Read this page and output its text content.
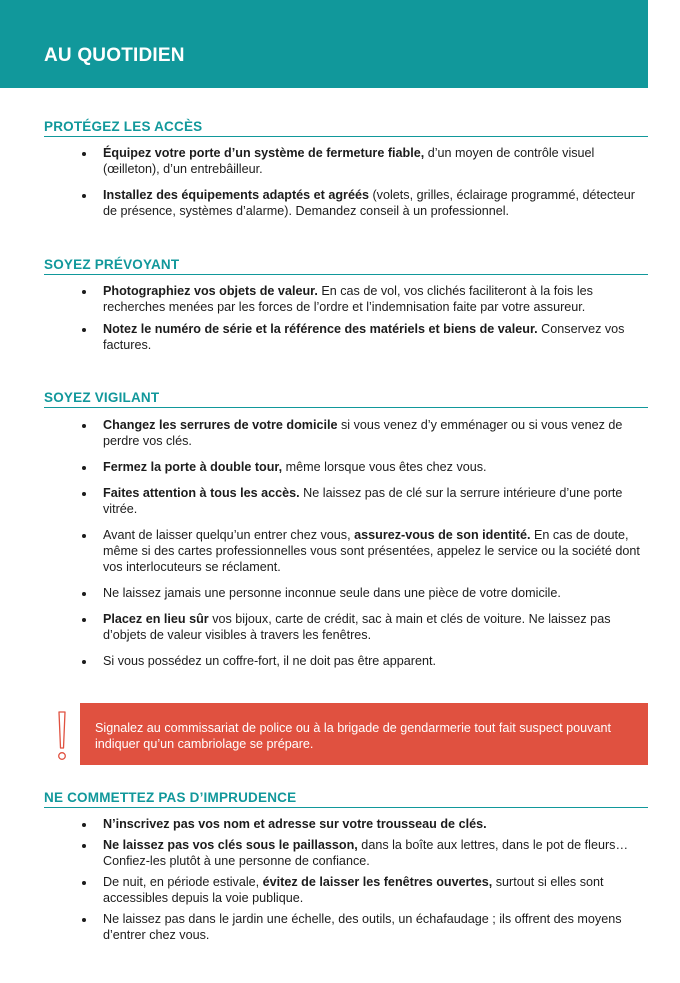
AU QUOTIDIEN
PROTÉGEZ LES ACCÈS
Équipez votre porte d’un système de fermeture fiable, d’un moyen de contrôle visuel (œilleton), d’un entrebâilleur.
Installez des équipements adaptés et agréés (volets, grilles, éclairage programmé, détecteur de présence, systèmes d’alarme). Demandez conseil à un professionnel.
SOYEZ PRÉVOYANT
Photographiez vos objets de valeur. En cas de vol, vos clichés faciliteront à la fois les recherches menées par les forces de l’ordre et l’indemnisation faite par votre assureur.
Notez le numéro de série et la référence des matériels et biens de valeur. Conservez vos factures.
SOYEZ VIGILANT
Changez les serrures de votre domicile si vous venez d’y emménager ou si vous venez de perdre vos clés.
Fermez la porte à double tour, même lorsque vous êtes chez vous.
Faites attention à tous les accès. Ne laissez pas de clé sur la serrure intérieure d’une porte vitrée.
Avant de laisser quelqu’un entrer chez vous, assurez-vous de son identité. En cas de doute, même si des cartes professionnelles vous sont présentées, appelez le service ou la société dont vos interlocuteurs se réclament.
Ne laissez jamais une personne inconnue seule dans une pièce de votre domicile.
Placez en lieu sûr vos bijoux, carte de crédit, sac à main et clés de voiture. Ne laissez pas d’objets de valeur visibles à travers les fenêtres.
Si vous possédez un coffre-fort, il ne doit pas être apparent.
Signalez au commissariat de police ou à la brigade de gendarmerie tout fait suspect pouvant indiquer qu’un cambriolage se prépare.
NE COMMETTEZ PAS D’IMPRUDENCE
N’inscrivez pas vos nom et adresse sur votre trousseau de clés.
Ne laissez pas vos clés sous le paillasson, dans la boîte aux lettres, dans le pot de fleurs… Confiez-les plutôt à une personne de confiance.
De nuit, en période estivale, évitez de laisser les fenêtres ouvertes, surtout si elles sont accessibles depuis la voie publique.
Ne laissez pas dans le jardin une échelle, des outils, un échafaudage ; ils offrent des moyens d’entrer chez vous.
